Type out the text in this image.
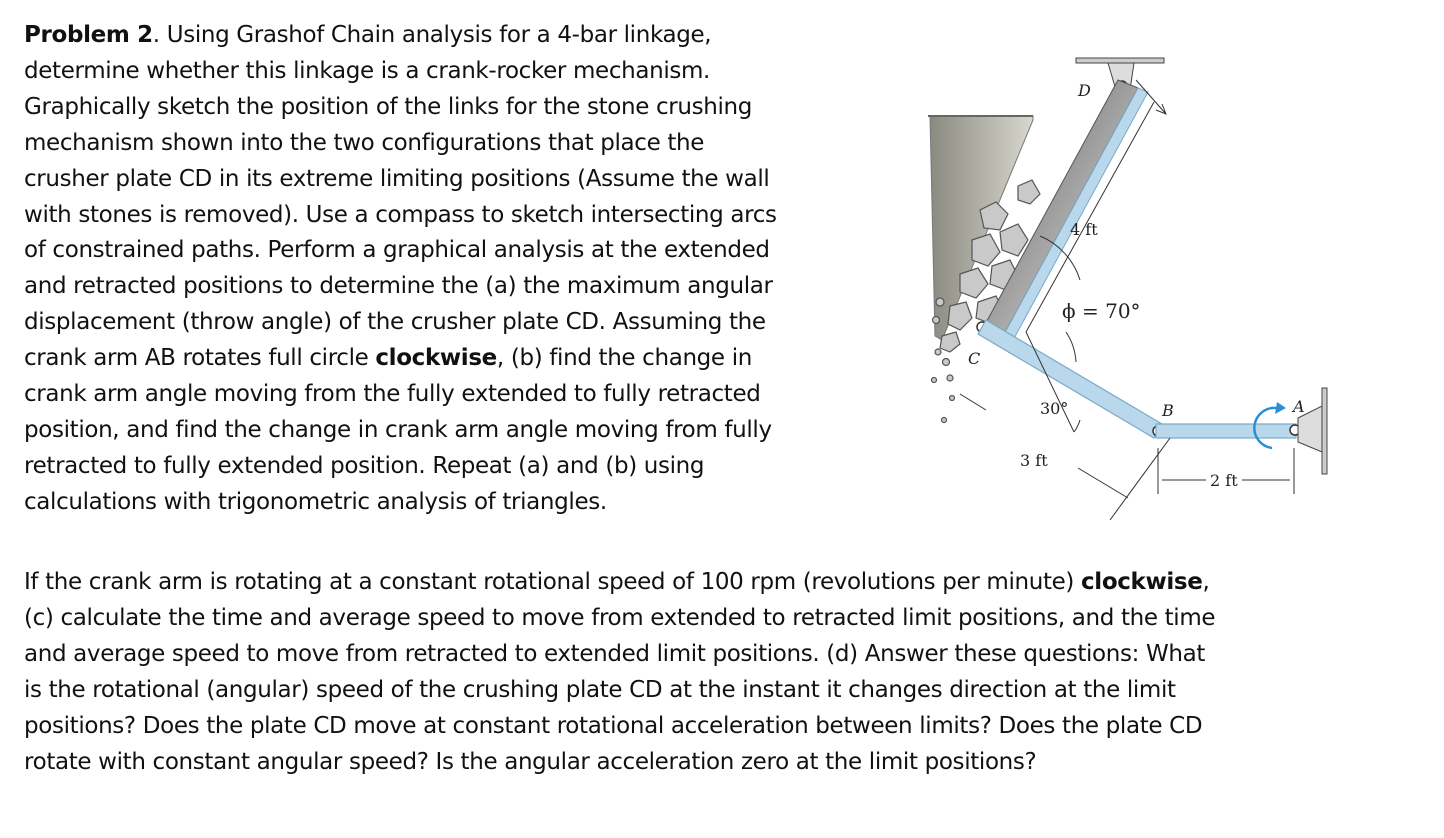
Problem 2. Using Grashof Chain analysis for a 4-bar linkage,
determine whether this linkage is a crank-rocker mechanism.
Graphically sketch the position of the links for the stone crushing
mechanism shown into the two configurations that place the
crusher plate CD in its extreme limiting positions (Assume the wall
with stones is removed). Use a compass to sketch intersecting arcs
of constrained paths. Perform a graphical analysis at the extended
and retracted positions to determine the (a) the maximum angular
displacement (throw angle) of the crusher plate CD. Assuming the
crank arm AB rotates full circle clockwise, (b) find the change in
crank arm angle moving from the fully extended to fully retracted
position, and find the change in crank arm angle moving from fully
retracted to fully extended position. Repeat (a) and (b) using
calculations with trigonometric analysis of triangles.
D
C
B	A
4 ft
ϕ = 70°
30°
3 ft
2 ft
If the crank arm is rotating at a constant rotational speed of 100 rpm (revolutions per minute) clockwise,
(c) calculate the time and average speed to move from extended to retracted limit positions, and the time
and average speed to move from retracted to extended limit positions. (d) Answer these questions: What
is the rotational (angular) speed of the crushing plate CD at the instant it changes direction at the limit
positions? Does the plate CD move at constant rotational acceleration between limits? Does the plate CD
rotate with constant angular speed? Is the angular acceleration zero at the limit positions?
